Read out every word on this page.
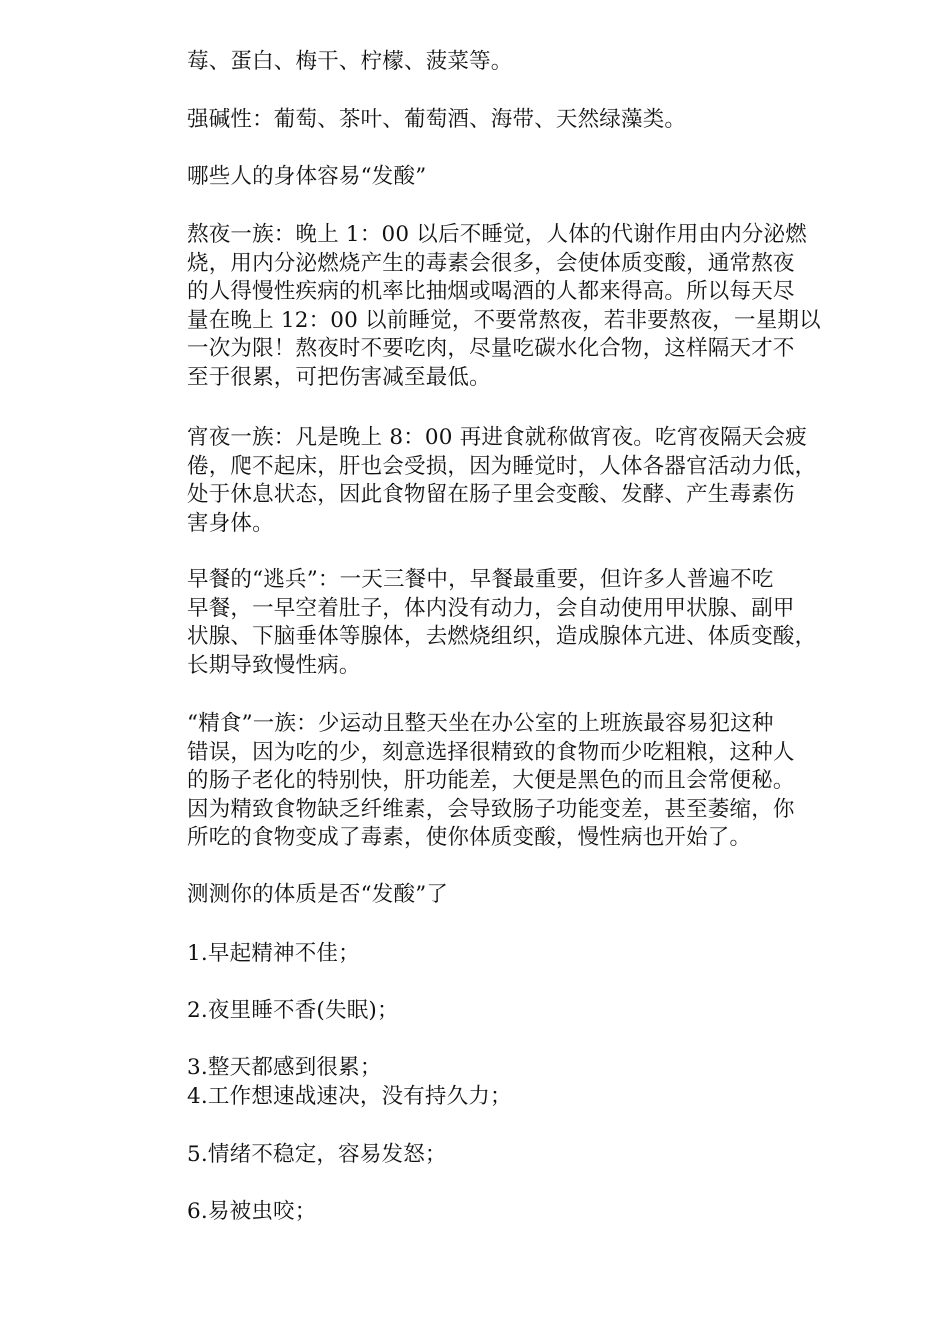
莓、蛋白、梅干、柠檬、菠菜等。

强碱性：葡萄、茶叶、葡萄酒、海带、天然绿藻类。

哪些人的身体容易“发酸”

熬夜一族：晚上 1：00 以后不睡觉，人体的代谢作用由内分泌燃
烧，用内分泌燃烧产生的毒素会很多，会使体质变酸，通常熬夜
的人得慢性疾病的机率比抽烟或喝酒的人都来得高。所以每天尽
量在晚上 12：00 以前睡觉，不要常熬夜，若非要熬夜，一星期以
一次为限！熬夜时不要吃肉，尽量吃碳水化合物，这样隔天才不
至于很累，可把伤害减至最低。

宵夜一族：凡是晚上 8：00 再进食就称做宵夜。吃宵夜隔天会疲
倦，爬不起床，肝也会受损，因为睡觉时，人体各器官活动力低，
处于休息状态，因此食物留在肠子里会变酸、发酵、产生毒素伤
害身体。

早餐的“逃兵”：一天三餐中，早餐最重要，但许多人普遍不吃
早餐，一早空着肚子，体内没有动力，会自动使用甲状腺、副甲
状腺、下脑垂体等腺体，去燃烧组织，造成腺体亢进、体质变酸，
长期导致慢性病。

“精食”一族：少运动且整天坐在办公室的上班族最容易犯这种
错误，因为吃的少，刻意选择很精致的食物而少吃粗粮，这种人
的肠子老化的特别快，肝功能差，大便是黑色的而且会常便秘。
因为精致食物缺乏纤维素，会导致肠子功能变差，甚至萎缩，你
所吃的食物变成了毒素，使你体质变酸，慢性病也开始了。

测测你的体质是否“发酸”了

1.早起精神不佳；

2.夜里睡不香(失眠)；

3.整天都感到很累；
4.工作想速战速决，没有持久力；

5.情绪不稳定，容易发怒；

6.易被虫咬；
